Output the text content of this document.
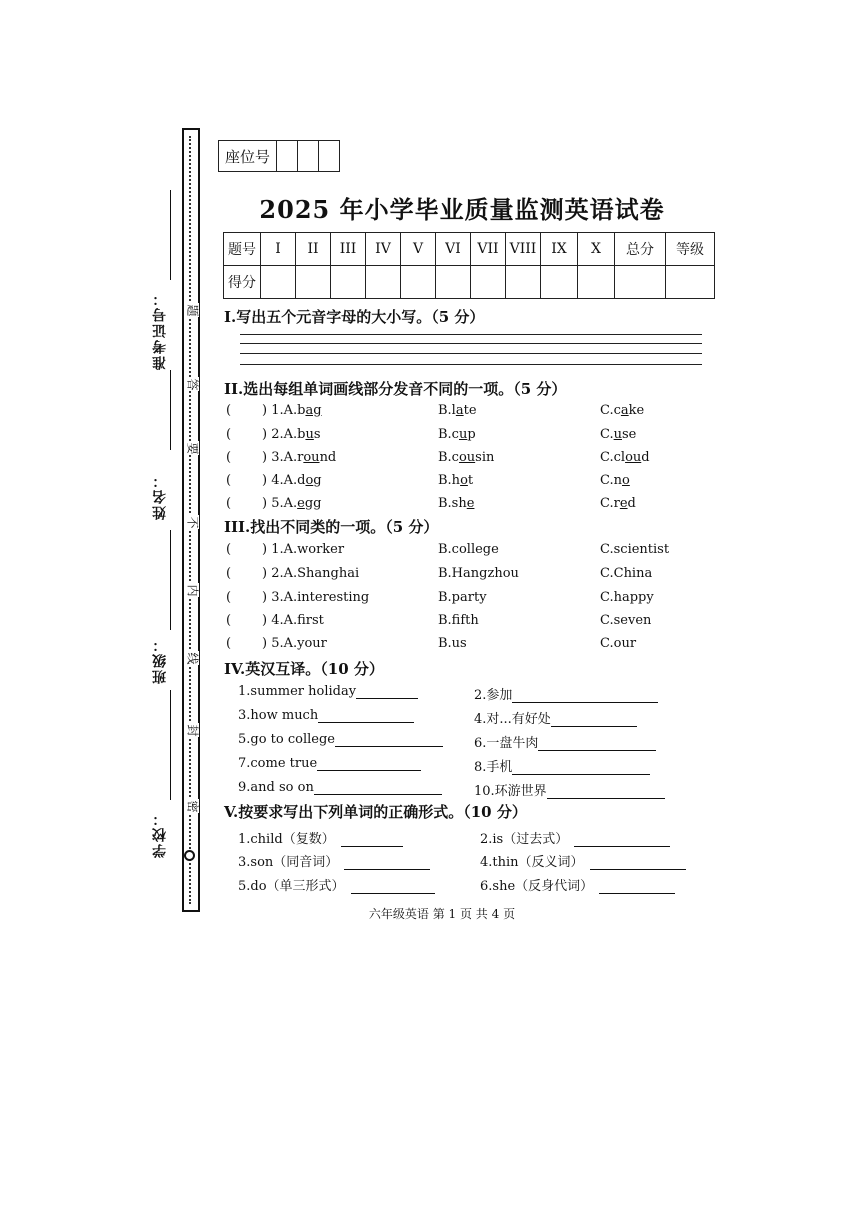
准考证号：
姓名：
班级：
学校：
题
答
要
不
内
线
封
密
座位号			
2025 年小学毕业质量监测英语试卷
题号	I	II	III	IV	V	VI	VII	VIII	IX	X	总分	等级
得分												
I.写出五个元音字母的大小写。（5 分）
II.选出每组单词画线部分发音不同的一项。（5 分）
( ) 1.A.bag	B.late	C.cake
( ) 2.A.bus	B.cup	C.use
( ) 3.A.round	B.cousin	C.cloud
( ) 4.A.dog	B.hot	C.no
( ) 5.A.egg	B.she	C.red
III.找出不同类的一项。（5 分）
( ) 1.A.worker	B.college	C.scientist
( ) 2.A.Shanghai	B.Hangzhou	C.China
( ) 3.A.interesting	B.party	C.happy
( ) 4.A.first	B.fifth	C.seven
( ) 5.A.your	B.us	C.our
IV.英汉互译。（10 分）
1.summer holiday	2.参加
3.how much	4.对...有好处
5.go to college	6.一盘牛肉
7.come true	8.手机
9.and so on	10.环游世界
V.按要求写出下列单词的正确形式。（10 分）
1.child（复数）	2.is（过去式）
3.son（同音词）	4.thin（反义词）
5.do（单三形式）	6.she（反身代词）
六年级英语 第 1 页 共 4 页
